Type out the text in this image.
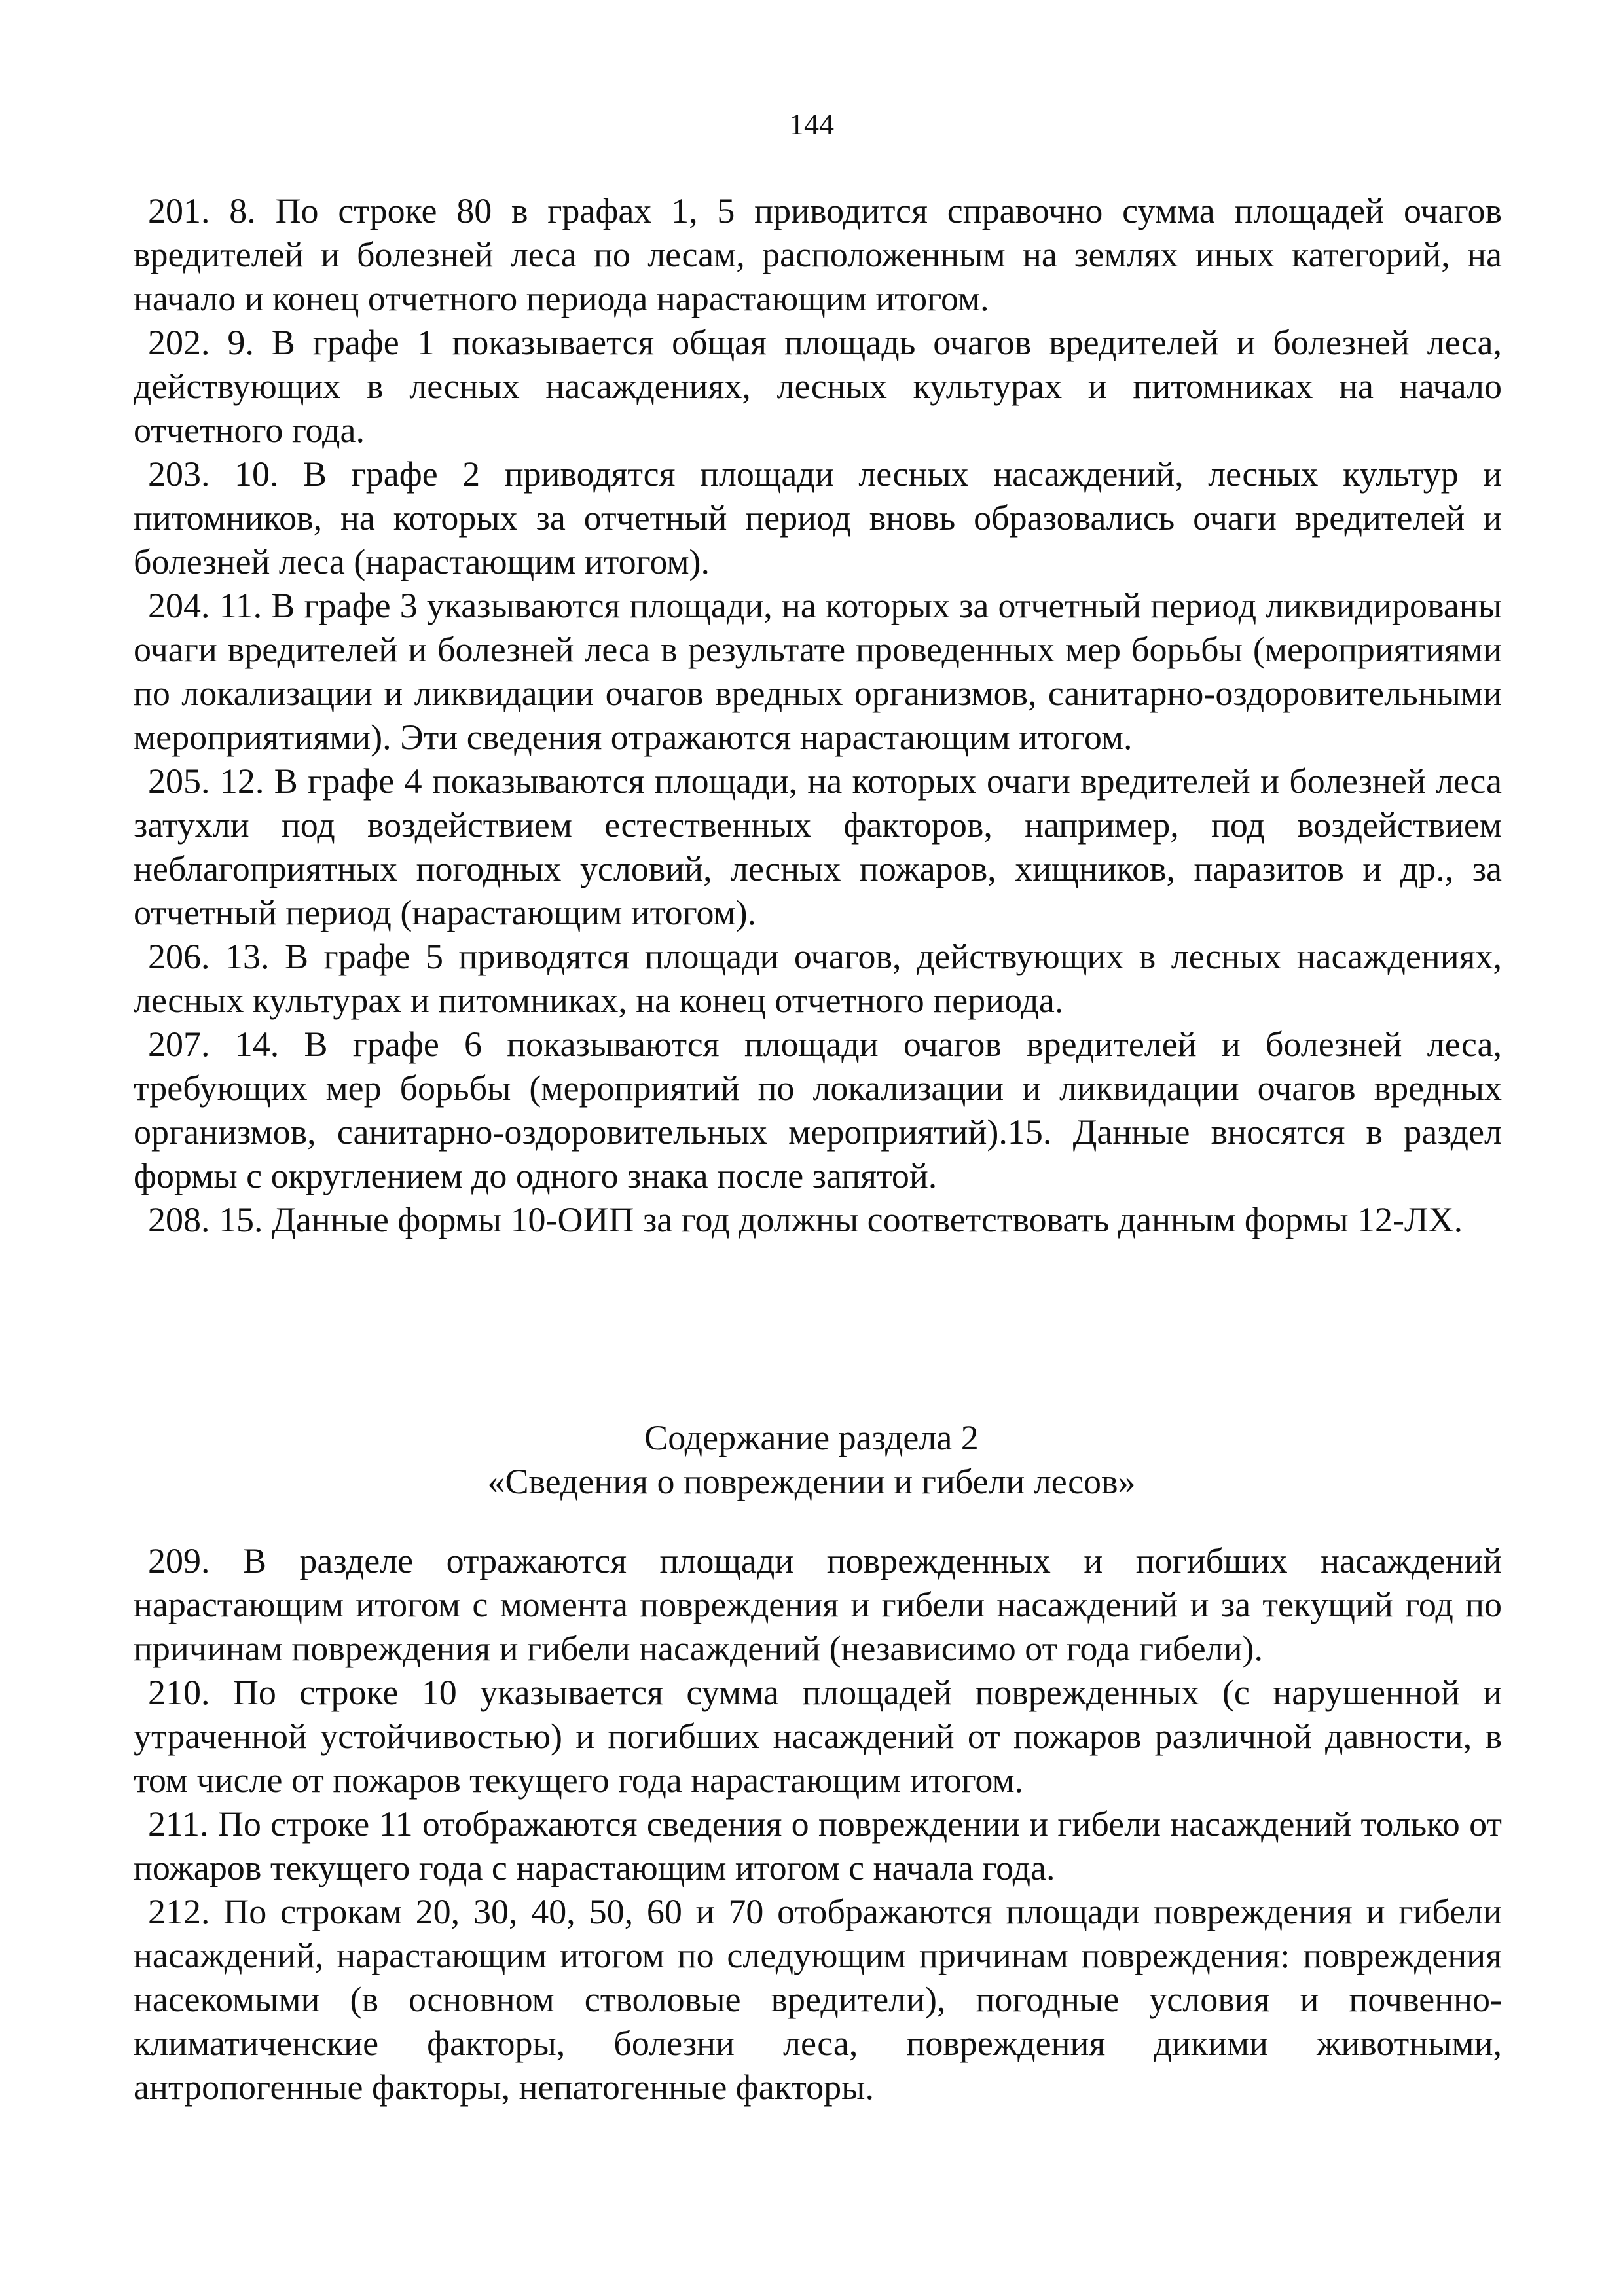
144

201. 8. По строке 80 в графах 1, 5 приводится справочно сумма площадей очагов вредителей и болезней леса по лесам, расположенным на землях иных категорий, на начало и конец отчетного периода нарастающим итогом.

202. 9. В графе 1 показывается общая площадь очагов вредителей и болезней леса, действующих в лесных насаждениях, лесных культурах и питомниках на начало отчетного года.

203. 10. В графе 2 приводятся площади лесных насаждений, лесных культур и питомников, на которых за отчетный период вновь образовались очаги вредителей и болезней леса (нарастающим итогом).

204. 11. В графе 3 указываются площади, на которых за отчетный период ликвидированы очаги вредителей и болезней леса в результате проведенных мер борьбы (мероприятиями по локализации и ликвидации очагов вредных организмов, санитарно-оздоровительными мероприятиями). Эти сведения отражаются нарастающим итогом.

205. 12. В графе 4 показываются площади, на которых очаги вредителей и болезней леса затухли под воздействием естественных факторов, например, под воздействием неблагоприятных погодных условий, лесных пожаров, хищников, паразитов и др., за отчетный период (нарастающим итогом).

206. 13. В графе 5 приводятся площади очагов, действующих в лесных насаждениях, лесных культурах и питомниках, на конец отчетного периода.

207. 14. В графе 6 показываются площади очагов вредителей и болезней леса, требующих мер борьбы (мероприятий по локализации и ликвидации очагов вредных организмов, санитарно-оздоровительных мероприятий).15. Данные вносятся в раздел формы с округлением до одного знака после запятой.

208. 15. Данные формы 10-ОИП за год должны соответствовать данным формы 12-ЛХ.

Содержание раздела 2
«Сведения о повреждении и гибели лесов»

209. В разделе отражаются площади поврежденных и погибших насаждений нарастающим итогом с момента повреждения и гибели насаждений и за текущий год по причинам повреждения и гибели насаждений (независимо от года гибели).

210. По строке 10 указывается сумма площадей поврежденных (с нарушенной и утраченной устойчивостью) и погибших насаждений от пожаров различной давности, в том числе от пожаров текущего года нарастающим итогом.

211. По строке 11 отображаются сведения о повреждении и гибели насаждений только от пожаров текущего года с нарастающим итогом с начала года.

212. По строкам 20, 30, 40, 50, 60 и 70 отображаются площади повреждения и гибели насаждений, нарастающим итогом по следующим причинам повреждения: повреждения насекомыми (в основном стволовые вредители), погодные условия и почвенно-климатиченские факторы, болезни леса, повреждения дикими животными, антропогенные факторы, непатогенные факторы.
